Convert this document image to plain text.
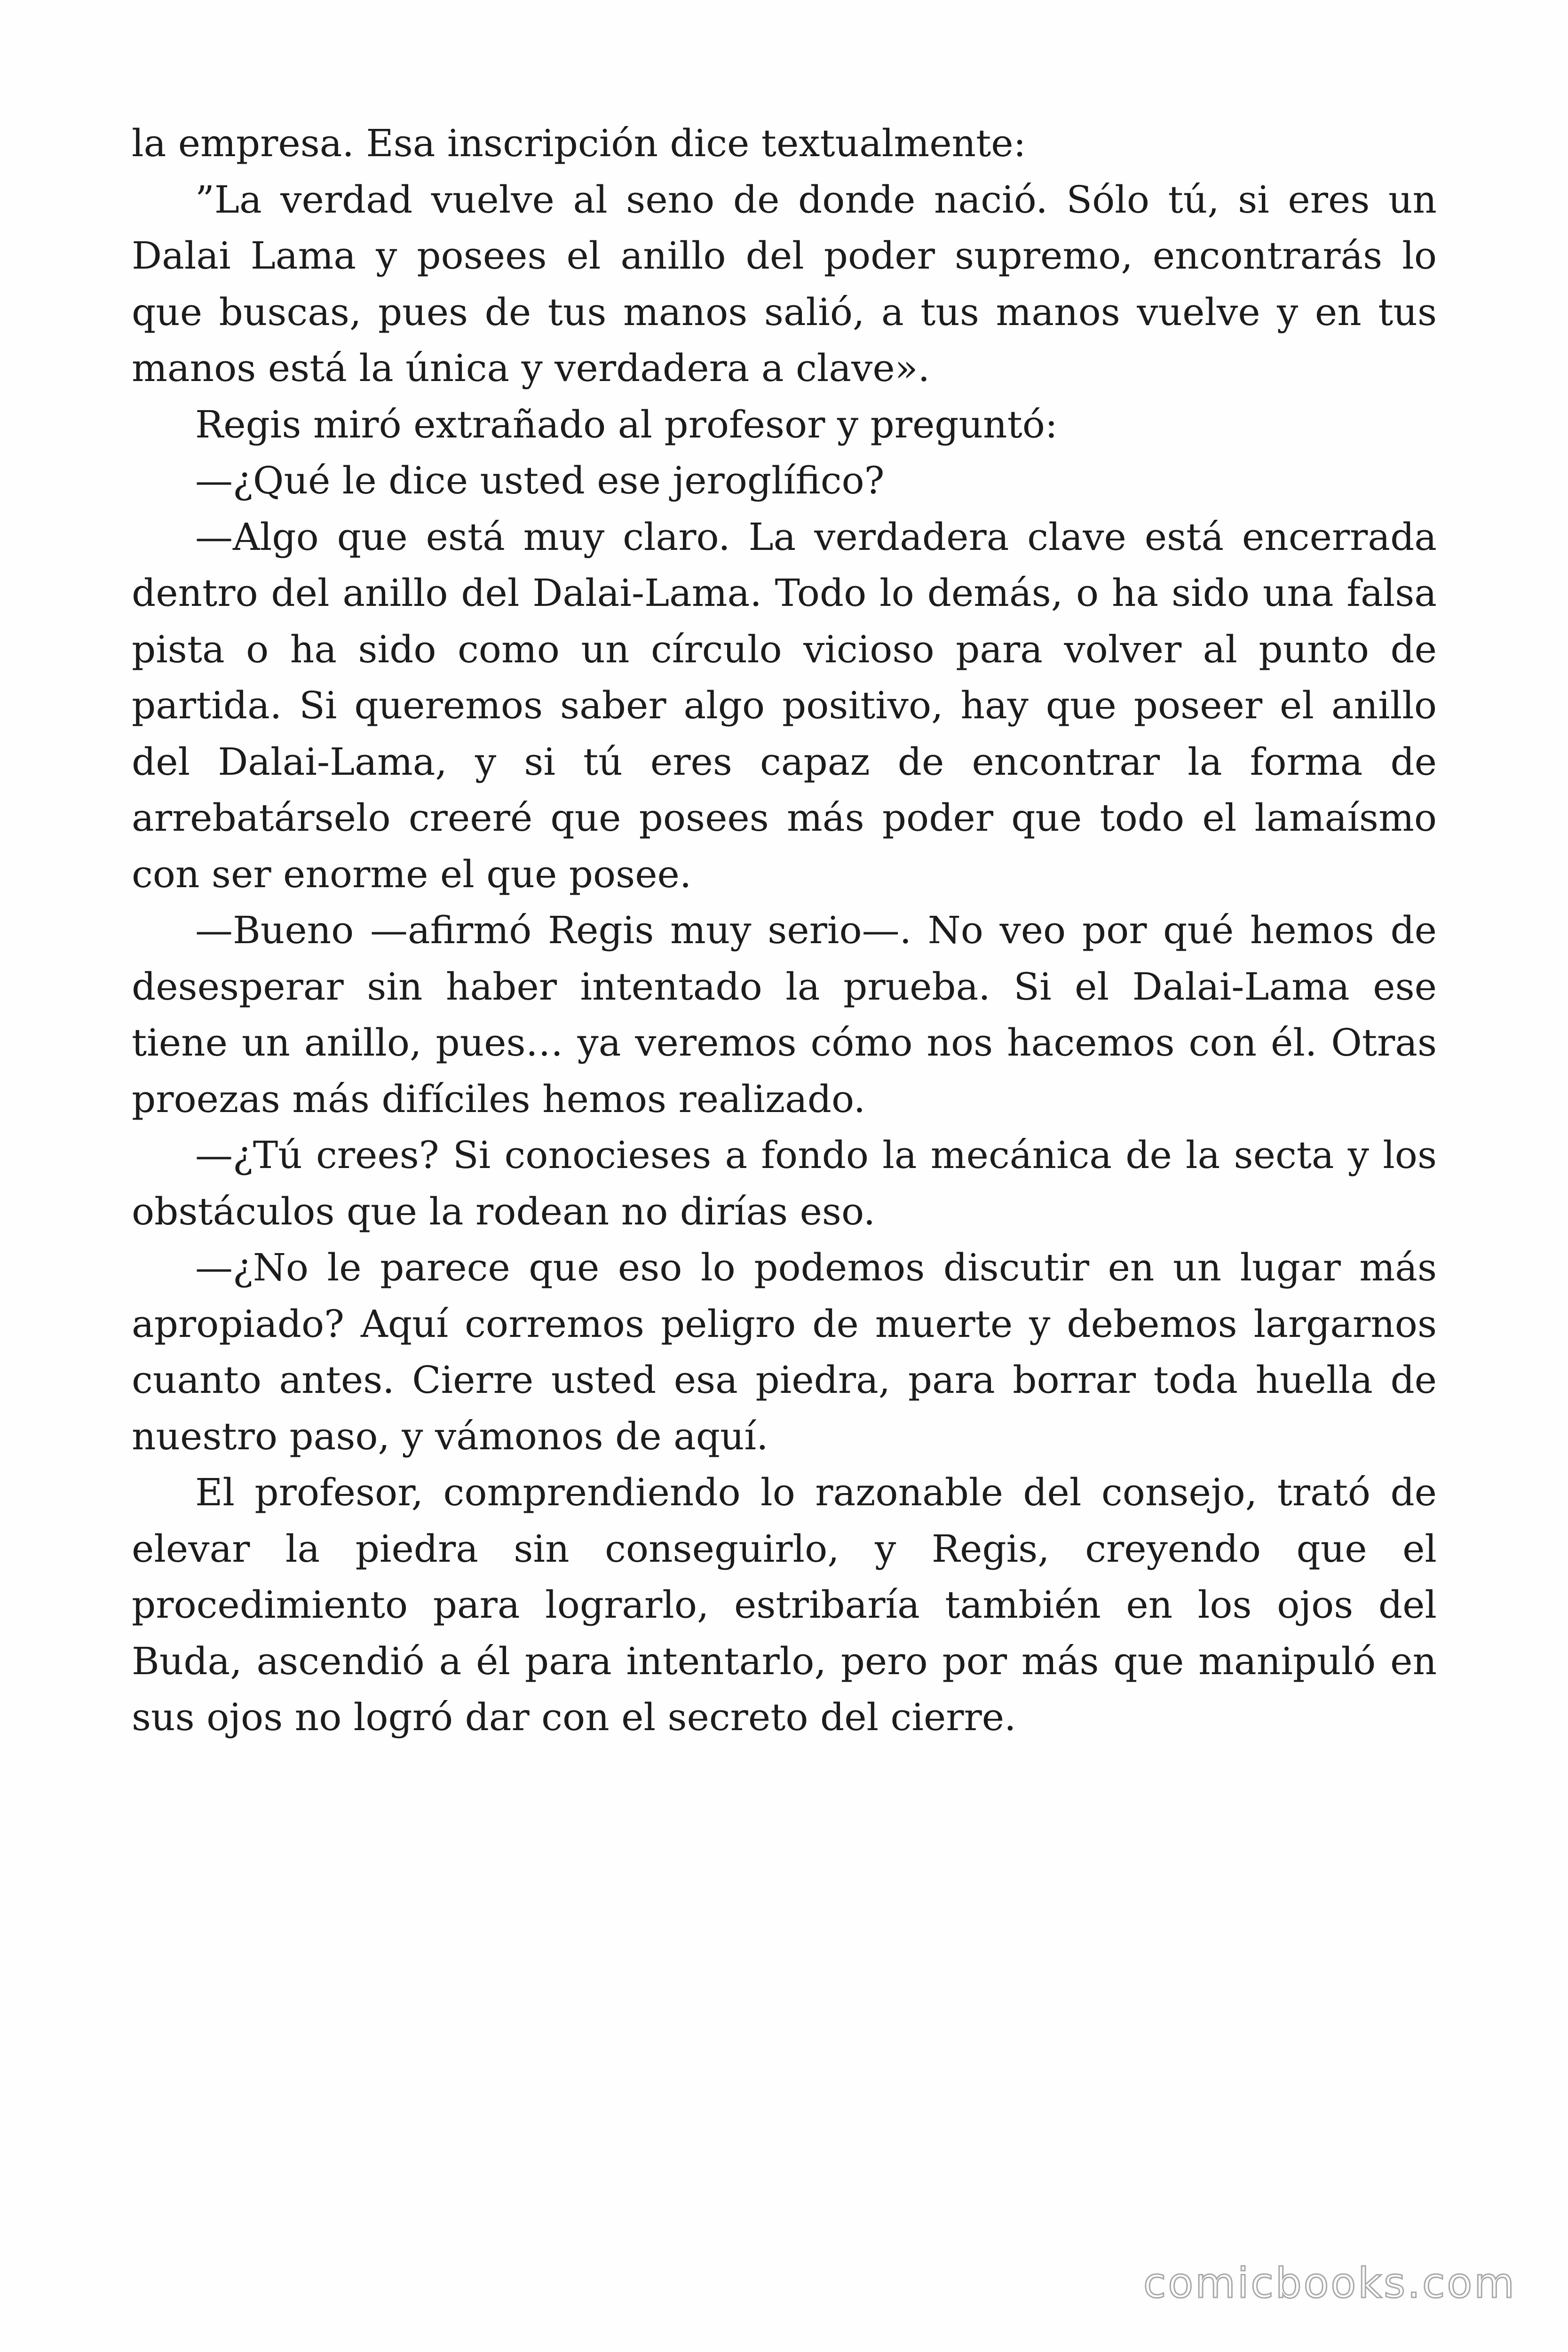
la empresa. Esa inscripción dice textualmente:

”La verdad vuelve al seno de donde nació. Sólo tú, si eres un Dalai Lama y posees el anillo del poder supremo, encontrarás lo que buscas, pues de tus manos salió, a tus manos vuelve y en tus manos está la única y verdadera a clave».

Regis miró extrañado al profesor y preguntó:

—¿Qué le dice usted ese jeroglífico?

—Algo que está muy claro. La verdadera clave está encerrada dentro del anillo del Dalai-Lama. Todo lo demás, o ha sido una falsa pista o ha sido como un círculo vicioso para volver al punto de partida. Si queremos saber algo positivo, hay que poseer el anillo del Dalai-Lama, y si tú eres capaz de encontrar la forma de arrebatárselo creeré que posees más poder que todo el lamaísmo con ser enorme el que posee.

—Bueno —afirmó Regis muy serio—. No veo por qué hemos de desesperar sin haber intentado la prueba. Si el Dalai-Lama ese tiene un anillo, pues… ya veremos cómo nos hacemos con él. Otras proezas más difíciles hemos realizado.

—¿Tú crees? Si conocieses a fondo la mecánica de la secta y los obstáculos que la rodean no dirías eso.

—¿No le parece que eso lo podemos discutir en un lugar más apropiado? Aquí corremos peligro de muerte y debemos largarnos cuanto antes. Cierre usted esa piedra, para borrar toda huella de nuestro paso, y vámonos de aquí.

El profesor, comprendiendo lo razonable del consejo, trató de elevar la piedra sin conseguirlo, y Regis, creyendo que el procedimiento para lograrlo, estribaría también en los ojos del Buda, ascendió a él para intentarlo, pero por más que manipuló en sus ojos no logró dar con el secreto del cierre.

comicbooks.com
